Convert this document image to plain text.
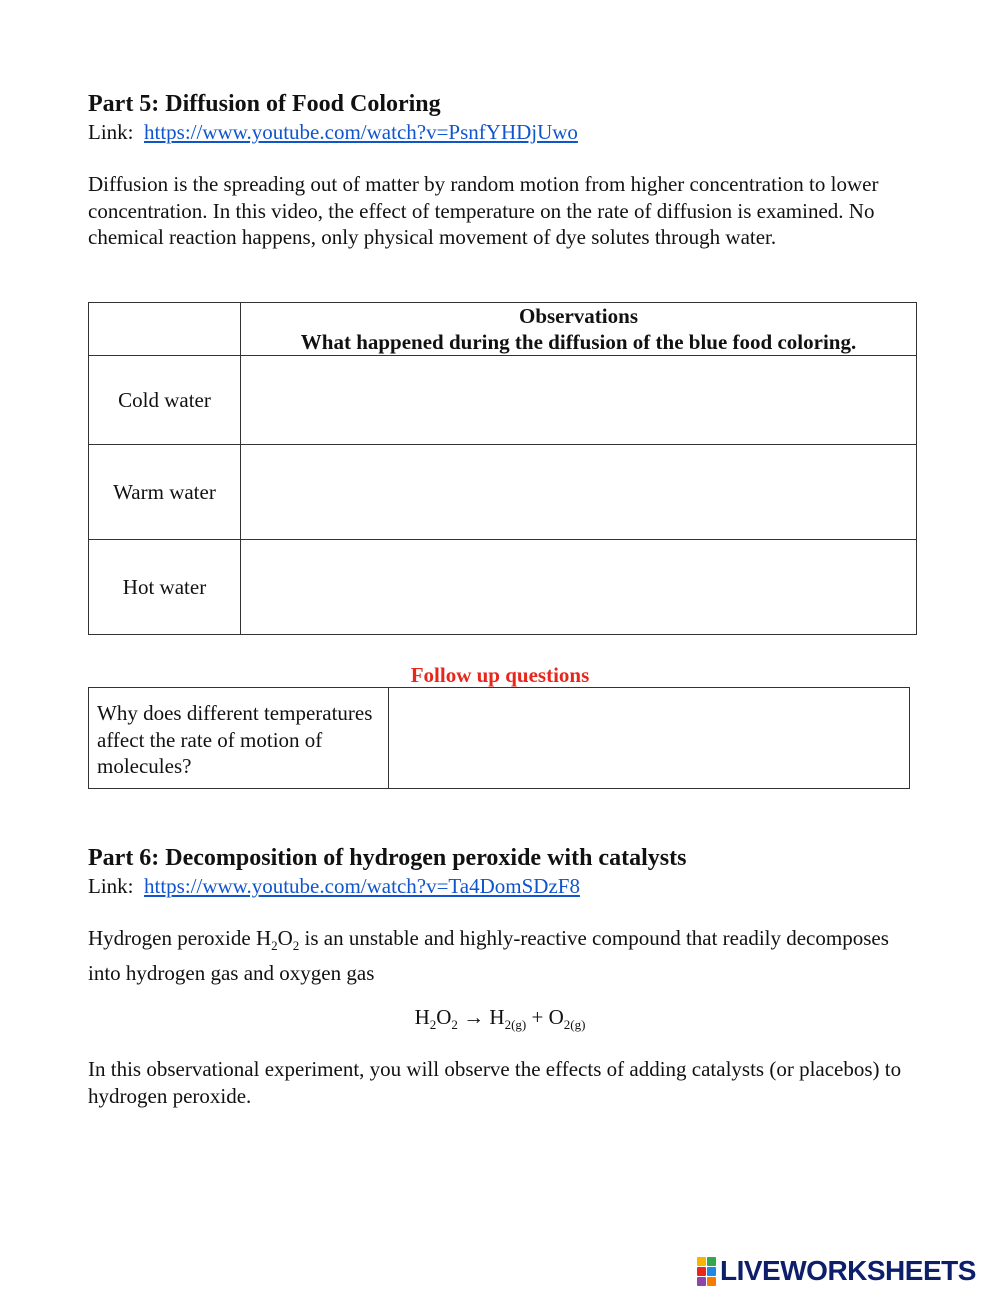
Part 5: Diffusion of Food Coloring
Link: https://www.youtube.com/watch?v=PsnfYHDjUwo
Diffusion is the spreading out of matter by random motion from higher concentration to lower concentration. In this video, the effect of temperature on the rate of diffusion is examined. No chemical reaction happens, only physical movement of dye solutes through water.

	Observations
What happened during the diffusion of the blue food coloring.

Cold water	
Warm water	
Hot water	
Follow up questions
Why does different temperatures affect the rate of motion of molecules?	
Part 6: Decomposition of hydrogen peroxide with catalysts
Link: https://www.youtube.com/watch?v=Ta4DomSDzF8
Hydrogen peroxide $H_2O_2$ is an unstable and highly-reactive compound that readily decomposes into hydrogen gas and oxygen gas
$H_2O_2 \to H_{2(g)} + O_{2(g)}$
In this observational experiment, you will observe the effects of adding catalysts (or placebos) to hydrogen peroxide.
LIVEWORKSHEETS
